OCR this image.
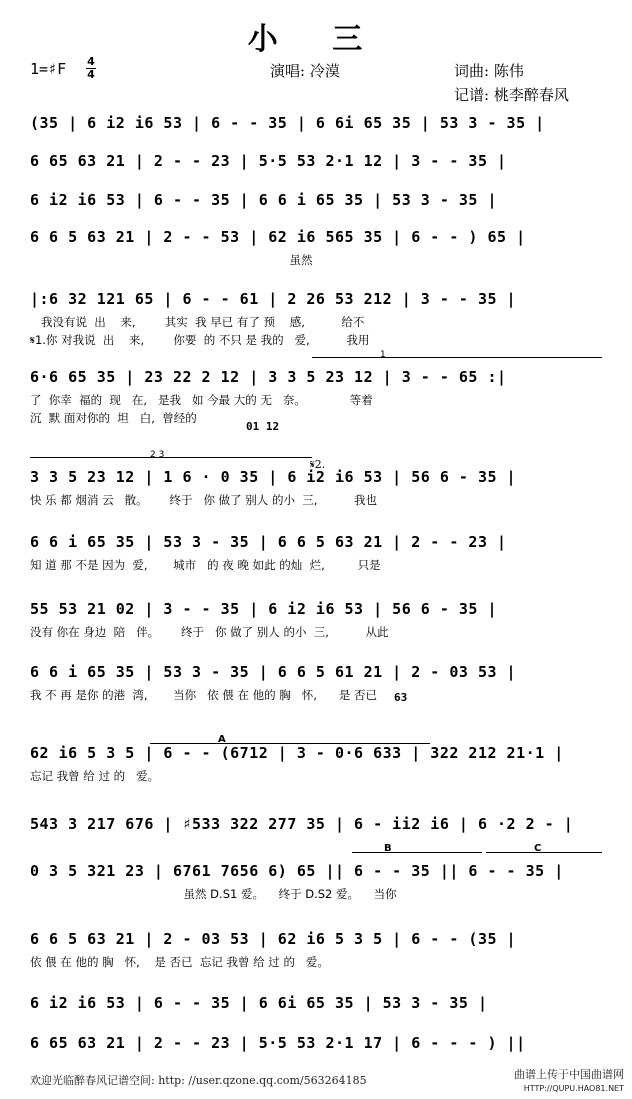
小 三
1=♯F 4
4	演唱: 冷漠	词曲: 陈伟
记谱: 桃李醉春风
(35 | 6 i2 i6 53 | 6 - - 35 | 6 6i 65 35 | 53 3 - 35 |
6 65 63 21 | 2 - - 23 | 5·5 53 2·1 12 | 3 - - 35 |
6 i2 i6 53 | 6 - - 35 | 6 6 i 65 35 | 53 3 - 35 |
6 6 5 63 21 | 2 - - 53 | 62 i6 565 35 | 6 - - ) 65 |
虽然
|:6 32 121 65 | 6 - - 61 | 2 26 53 212 | 3 - - 35 |
我没有说  出    来,        其实  我 早已 有了 预    感,          给不
𝄋1.你 对我说  出    来,        你要  的 不只 是 我的   爱,          我用
6·6 65 35 | 23 22 2 12 | 3 3 5 23 12 | 3 - - 65 :|
了  你幸  福的  现   在,   是我   如 今最 大的 无   奈。            等着
沉  默 面对你的  坦   白,  曾经的
3 3 5 23 12 | 1 6 · 0 35 | 6 i2 i6 53 | 56 6 - 35 |
快 乐 都 烟消 云   散。      终于   你 做了 别人 的小  三,          我也
6 6 i 65 35 | 53 3 - 35 | 6 6 5 63 21 | 2 - - 23 |
知 道 那 不是 因为  爱,       城市   的 夜 晚 如此 的灿  烂,         只是
55 53 21 02 | 3 - - 35 | 6 i2 i6 53 | 56 6 - 35 |
没有 你在 身边  陪   伴。      终于   你 做了 别人 的小  三,          从此
6 6 i 65 35 | 53 3 - 35 | 6 6 5 61 21 | 2 - 03 53 |
我 不 再 是你 的港  湾,       当你   依 偎 在 他的 胸   怀,      是 否已
62 i6 5 3 5 | 6 - - (6712 | 3 - 0·6 633 | 322 212 21·1 |
忘记 我曾 给 过 的   爱。
543 3 217 676 | ♯533 322 277 35 | 6 - ii2 i6 | 6 ·2 2 - |
0 3 5 321 23 | 6761 7656 6) 65 || 6 - - 35 || 6 - - 35 |
虽然 D.S1 爱。    终于 D.S2 爱。    当你
6 6 5 63 21 | 2 - 03 53 | 62 i6 5 3 5 | 6 - - (35 |
依 偎 在 他的 胸   怀,    是 否已  忘记 我曾 给 过 的   爱。
6 i2 i6 53 | 6 - - 35 | 6 6i 65 35 | 53 3 - 35 |
6 65 63 21 | 2 - - 23 | 5·5 53 2·1 17 | 6 - - - ) ||
1
2 3
𝄋2.
01 12
63
A
B	C
欢迎光临醉春风记谱空间: http: //user.qzone.qq.com/563264185	曲谱上传于中国曲谱网
HTTP://QUPU.HAO81.NET
